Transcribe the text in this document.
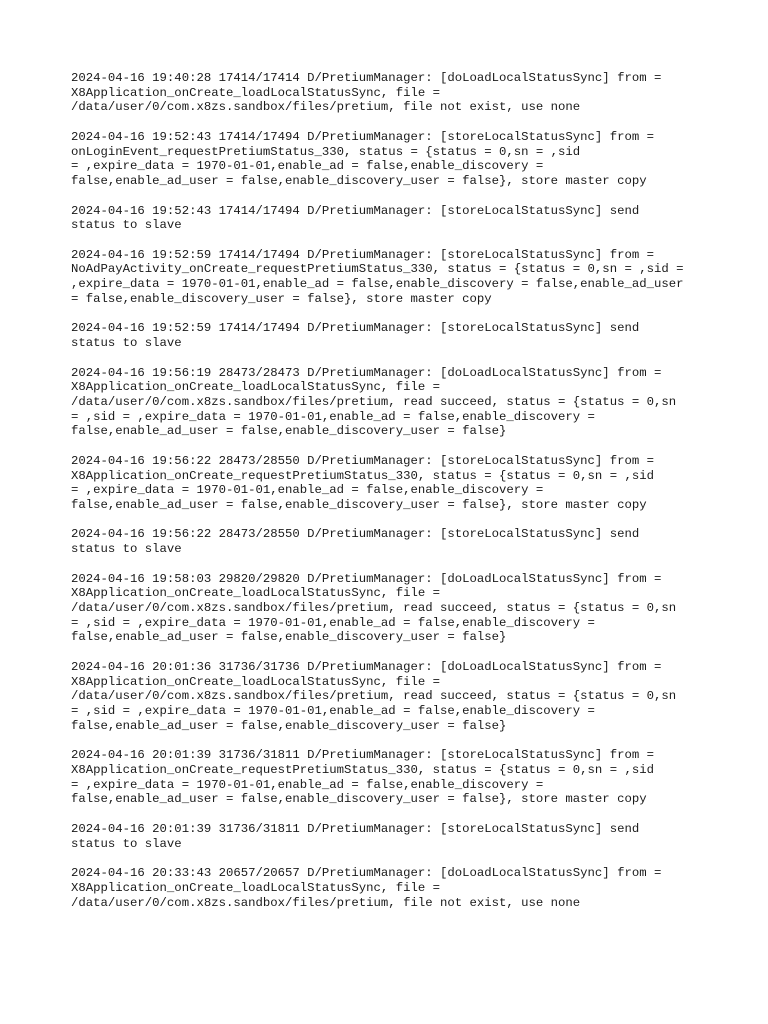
2024-04-16 19:40:28 17414/17414 D/PretiumManager: [doLoadLocalStatusSync] from =
X8Application_onCreate_loadLocalStatusSync, file =
/data/user/0/com.x8zs.sandbox/files/pretium, file not exist, use none
2024-04-16 19:52:43 17414/17494 D/PretiumManager: [storeLocalStatusSync] from =
onLoginEvent_requestPretiumStatus_330, status = {status = 0,sn = ,sid
= ,expire_data = 1970-01-01,enable_ad = false,enable_discovery =
false,enable_ad_user = false,enable_discovery_user = false}, store master copy
2024-04-16 19:52:43 17414/17494 D/PretiumManager: [storeLocalStatusSync] send
status to slave
2024-04-16 19:52:59 17414/17494 D/PretiumManager: [storeLocalStatusSync] from =
NoAdPayActivity_onCreate_requestPretiumStatus_330, status = {status = 0,sn = ,sid =
,expire_data = 1970-01-01,enable_ad = false,enable_discovery = false,enable_ad_user
= false,enable_discovery_user = false}, store master copy
2024-04-16 19:52:59 17414/17494 D/PretiumManager: [storeLocalStatusSync] send
status to slave
2024-04-16 19:56:19 28473/28473 D/PretiumManager: [doLoadLocalStatusSync] from =
X8Application_onCreate_loadLocalStatusSync, file =
/data/user/0/com.x8zs.sandbox/files/pretium, read succeed, status = {status = 0,sn
= ,sid = ,expire_data = 1970-01-01,enable_ad = false,enable_discovery =
false,enable_ad_user = false,enable_discovery_user = false}
2024-04-16 19:56:22 28473/28550 D/PretiumManager: [storeLocalStatusSync] from =
X8Application_onCreate_requestPretiumStatus_330, status = {status = 0,sn = ,sid
= ,expire_data = 1970-01-01,enable_ad = false,enable_discovery =
false,enable_ad_user = false,enable_discovery_user = false}, store master copy
2024-04-16 19:56:22 28473/28550 D/PretiumManager: [storeLocalStatusSync] send
status to slave
2024-04-16 19:58:03 29820/29820 D/PretiumManager: [doLoadLocalStatusSync] from =
X8Application_onCreate_loadLocalStatusSync, file =
/data/user/0/com.x8zs.sandbox/files/pretium, read succeed, status = {status = 0,sn
= ,sid = ,expire_data = 1970-01-01,enable_ad = false,enable_discovery =
false,enable_ad_user = false,enable_discovery_user = false}
2024-04-16 20:01:36 31736/31736 D/PretiumManager: [doLoadLocalStatusSync] from =
X8Application_onCreate_loadLocalStatusSync, file =
/data/user/0/com.x8zs.sandbox/files/pretium, read succeed, status = {status = 0,sn
= ,sid = ,expire_data = 1970-01-01,enable_ad = false,enable_discovery =
false,enable_ad_user = false,enable_discovery_user = false}
2024-04-16 20:01:39 31736/31811 D/PretiumManager: [storeLocalStatusSync] from =
X8Application_onCreate_requestPretiumStatus_330, status = {status = 0,sn = ,sid
= ,expire_data = 1970-01-01,enable_ad = false,enable_discovery =
false,enable_ad_user = false,enable_discovery_user = false}, store master copy
2024-04-16 20:01:39 31736/31811 D/PretiumManager: [storeLocalStatusSync] send
status to slave
2024-04-16 20:33:43 20657/20657 D/PretiumManager: [doLoadLocalStatusSync] from =
X8Application_onCreate_loadLocalStatusSync, file =
/data/user/0/com.x8zs.sandbox/files/pretium, file not exist, use none
